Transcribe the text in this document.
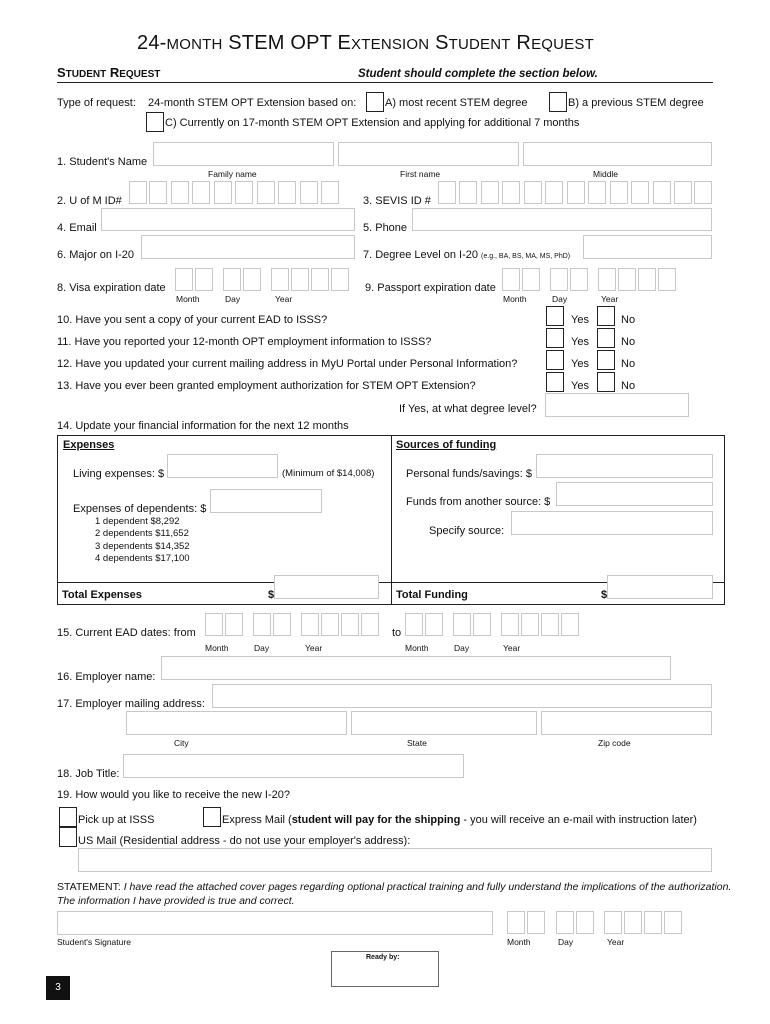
24-MONTH STEM OPT EXTENSION STUDENT REQUEST
STUDENT REQUEST	Student should complete the section below.
Type of request: 24-month STEM OPT Extension based on:	A) most recent STEM degree	B) a previous STEM degree
C) Currently on 17-month STEM OPT Extension and applying for additional 7 months
1. Student's Name
Family name	First name	Middle
2. U of M ID#	3. SEVIS ID #
4. Email	5. Phone
6. Major on I-20	7. Degree Level on I-20 (e.g., BA, BS, MA, MS, PhD)
8. Visa expiration date
Month	Day	Year
9. Passport expiration date
Month	Day	Year
10. Have you sent a copy of your current EAD to ISSS?	Yes	No
11. Have you reported your 12-month OPT employment information to ISSS?	Yes	No
12. Have you updated your current mailing address in MyU Portal under Personal Information?	Yes	No
13. Have you ever been granted employment authorization for STEM OPT Extension?	Yes	No
If Yes, at what degree level?
14. Update your financial information for the next 12 months
Expenses	Sources of funding
Living expenses: $	(Minimum of $14,008)
Expenses of dependents: $
1 dependent $8,292
2 dependents $11,652
3 dependents $14,352
4 dependents $17,100
Personal funds/savings: $
Funds from another source: $
Specify source:
Total Expenses	$	Total Funding	$
15. Current EAD dates: from
Month	Day	Year
to
Month	Day	Year
16. Employer name:
17. Employer mailing address:
City	State	Zip code
18. Job Title:
19. How would you like to receive the new I-20?
Pick up at ISSS	Express Mail (student will pay for the shipping - you will receive an e-mail with instruction later)
US Mail (Residential address - do not use your employer's address):
STATEMENT: I have read the attached cover pages regarding optional practical training and fully understand the implications of the authorization.
The information I have provided is true and correct.
Student's Signature	Month	Day	Year
Ready by:
3
